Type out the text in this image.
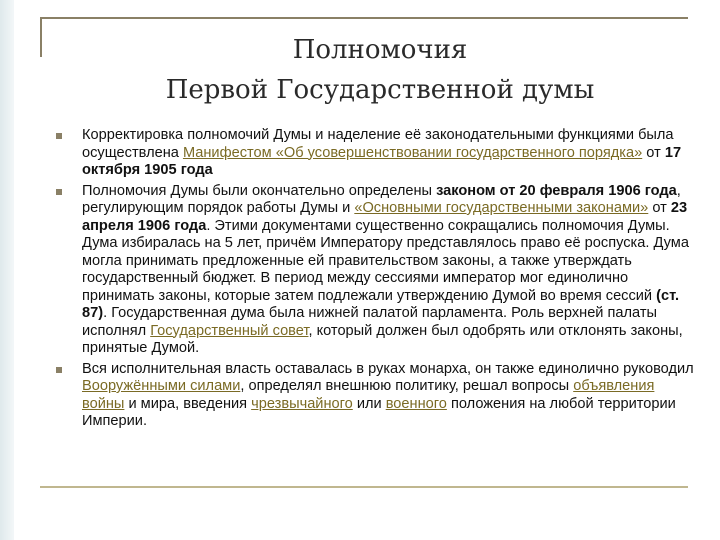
Полномочия
Первой Государственной думы
Корректировка полномочий Думы и наделение её законодательными функциями была осуществлена Манифестом «Об усовершенствовании государственного порядка» от 17 октября 1905 года
Полномочия Думы были окончательно определены законом от 20 февраля 1906 года, регулирующим порядок работы Думы и «Основными государственными законами» от 23 апреля 1906 года. Этими документами существенно сокращались полномочия Думы. Дума избиралась на 5 лет, причём Императору представлялось право её роспуска. Дума могла принимать предложенные ей правительством законы, а также утверждать государственный бюджет. В период между сессиями император мог единолично принимать законы, которые затем подлежали утверждению Думой во время сессий (ст. 87). Государственная дума была нижней палатой парламента. Роль верхней палаты исполнял Государственный совет, который должен был одобрять или отклонять законы, принятые Думой.
Вся исполнительная власть оставалась в руках монарха, он также единолично руководил Вооружёнными силами, определял внешнюю политику, решал вопросы объявления войны и мира, введения чрезвычайного или военного положения на любой территории Империи.
